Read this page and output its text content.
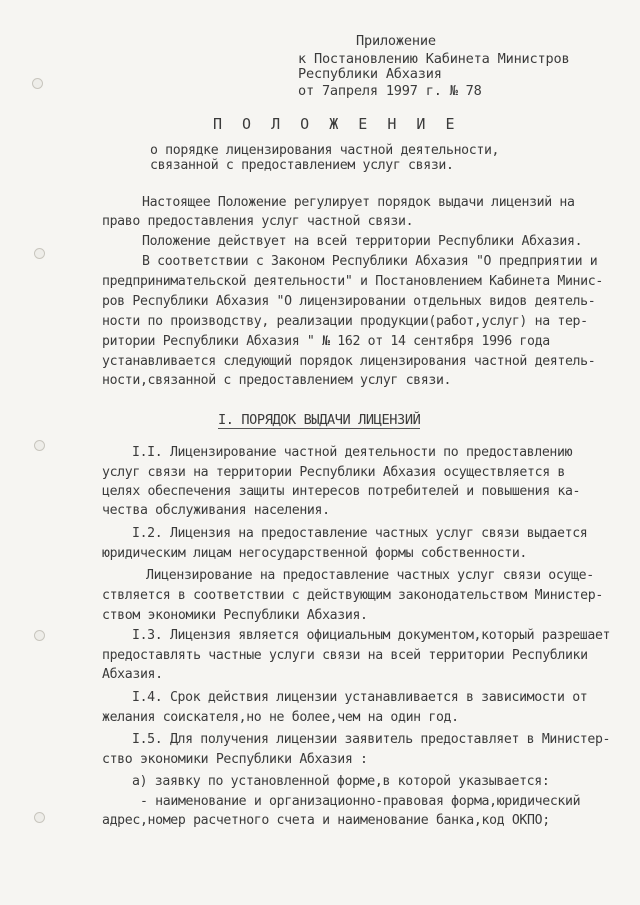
Приложение
к Постановлению Кабинета Министров
Республики Абхазия
от 7апреля 1997 г. № 78
П О Л О Ж Е Н И Е
о порядке лицензирования частной деятельности,
связанной с предоставлением услуг связи.
Настоящее Положение регулирует порядок выдачи лицензий на
право предоставления услуг частной связи.
Положение действует на всей территории Республики Абхазия.
В соответствии с Законом Республики Абхазия "О предприятии и
предпринимательской деятельности" и Постановлением Кабинета Минис-
ров Республики Абхазия "О лицензировании отдельных видов деятель-
ности по производству, реализации продукции(работ,услуг) на тер-
ритории Республики Абхазия " № 162 от 14 сентября 1996 года
устанавливается следующий порядок лицензирования частной деятель-
ности,связанной с предоставлением услуг связи.
I. ПОРЯДОК ВЫДАЧИ ЛИЦЕНЗИЙ
I.I. Лицензирование частной деятельности по предоставлению
услуг связи на территории Республики Абхазия осуществляется в
целях обеспечения защиты интересов потребителей и повышения ка-
чества обслуживания населения.
I.2. Лицензия на предоставление частных услуг связи выдается
юридическим лицам негосударственной формы собственности.
Лицензирование на предоставление частных услуг связи осуще-
ствляется в соответствии с действующим законодательством Министер-
ством экономики Республики Абхазия.
I.3. Лицензия является официальным документом,который разрешает
предоставлять частные услуги связи на всей территории Республики
Абхазия.
I.4. Срок действия лицензии устанавливается в зависимости от
желания соискателя,но не более,чем на один год.
I.5. Для получения лицензии заявитель предоставляет в Министер-
ство экономики Республики Абхазия :
а) заявку по установленной форме,в которой указывается:
- наименование и организационно-правовая форма,юридический
адрес,номер расчетного счета и наименование банка,код ОКПО;
